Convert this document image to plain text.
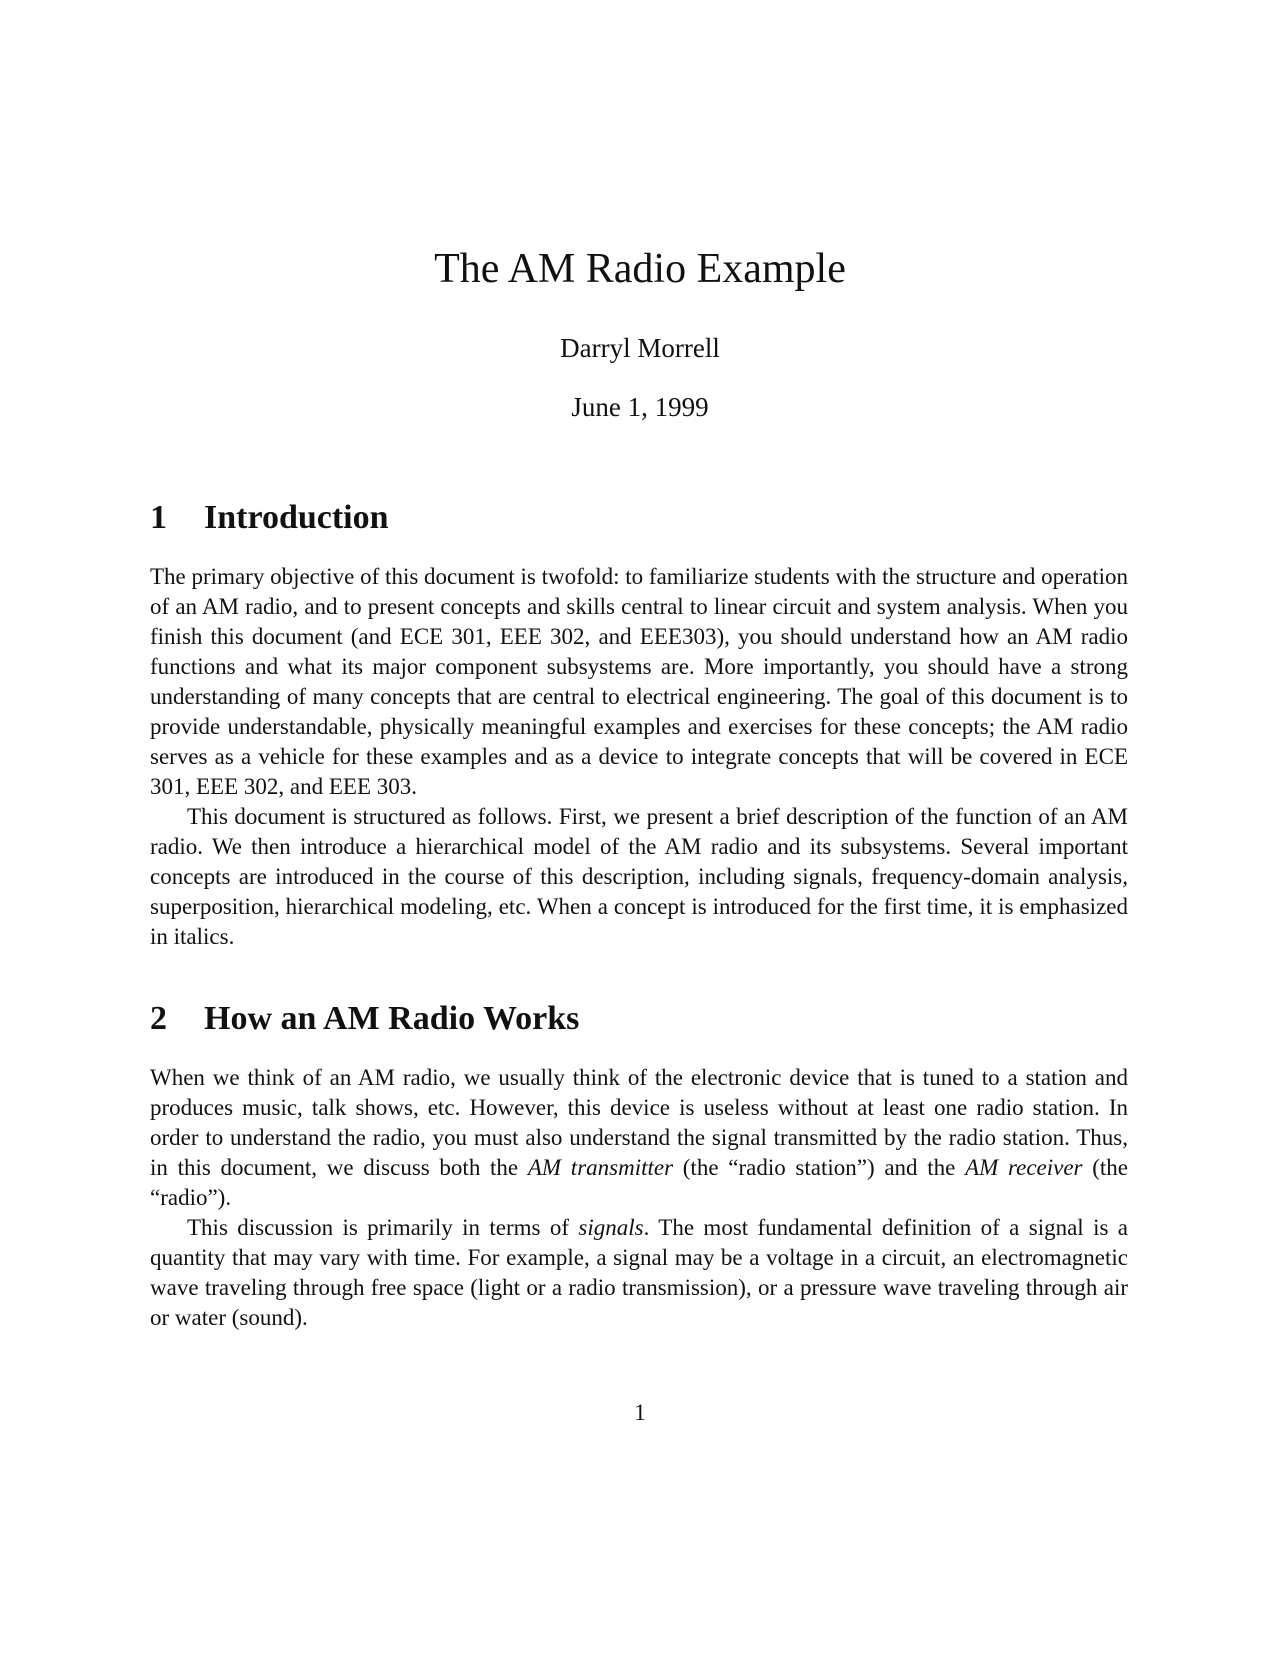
The AM Radio Example
Darryl Morrell
June 1, 1999
1 Introduction

The primary objective of this document is twofold: to familiarize students with the structure and operation of an AM radio, and to present concepts and skills central to linear circuit and system analysis. When you finish this document (and ECE 301, EEE 302, and EEE303), you should understand how an AM radio functions and what its major component subsystems are. More importantly, you should have a strong understanding of many concepts that are central to electrical engineering. The goal of this document is to provide understandable, physically meaningful examples and exercises for these concepts; the AM radio serves as a vehicle for these examples and as a device to integrate concepts that will be covered in ECE 301, EEE 302, and EEE 303.

This document is structured as follows. First, we present a brief description of the function of an AM radio. We then introduce a hierarchical model of the AM radio and its subsystems. Several important concepts are introduced in the course of this description, including signals, frequency-domain analysis, superposition, hierarchical modeling, etc. When a concept is introduced for the first time, it is emphasized in italics.

2 How an AM Radio Works

When we think of an AM radio, we usually think of the electronic device that is tuned to a station and produces music, talk shows, etc. However, this device is useless without at least one radio station. In order to understand the radio, you must also understand the signal transmitted by the radio station. Thus, in this document, we discuss both the AM transmitter (the “radio station”) and the AM receiver (the “radio”).

This discussion is primarily in terms of signals. The most fundamental definition of a signal is a quantity that may vary with time. For example, a signal may be a voltage in a circuit, an electromagnetic wave traveling through free space (light or a radio transmission), or a pressure wave traveling through air or water (sound).

1
